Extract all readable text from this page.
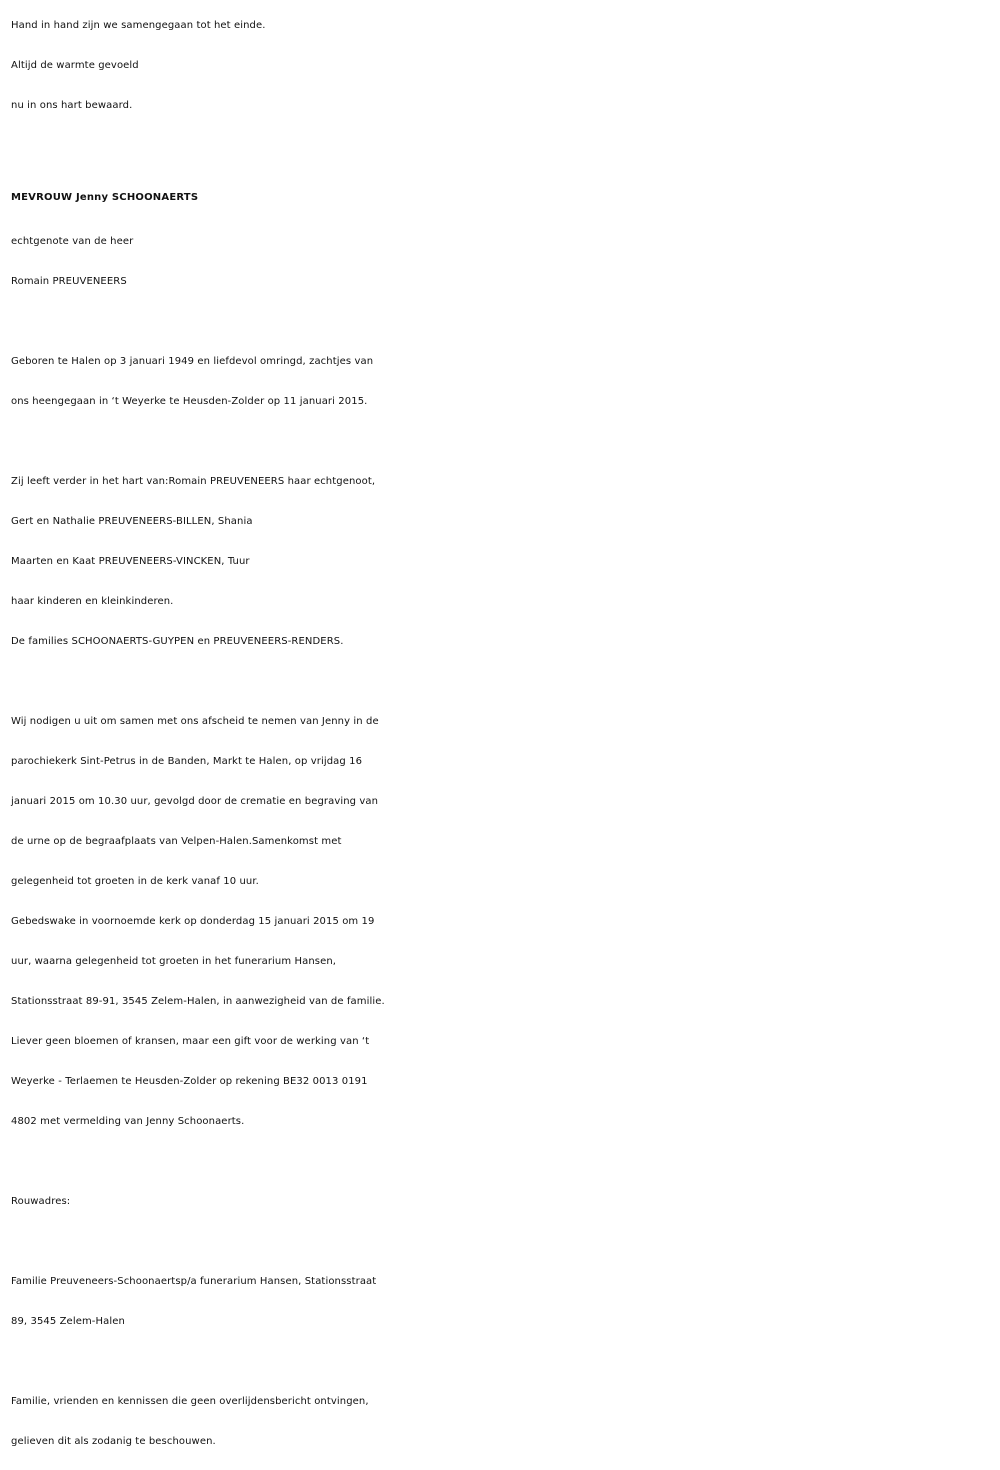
Hand in hand zijn we samengegaan tot het einde.
Altijd de warmte gevoeld
nu in ons hart bewaard.
MEVROUW Jenny SCHOONAERTS
echtgenote van de heer
Romain PREUVENEERS
Geboren te Halen op 3 januari 1949 en liefdevol omringd, zachtjes van
ons heengegaan in ‘t Weyerke te Heusden-Zolder op 11 januari 2015.
Zij leeft verder in het hart van:Romain PREUVENEERS haar echtgenoot,
Gert en Nathalie PREUVENEERS-BILLEN, Shania
Maarten en Kaat PREUVENEERS-VINCKEN, Tuur
haar kinderen en kleinkinderen.
De families SCHOONAERTS-GUYPEN en PREUVENEERS-RENDERS.
Wij nodigen u uit om samen met ons afscheid te nemen van Jenny in de
parochiekerk Sint-Petrus in de Banden, Markt te Halen, op vrijdag 16
januari 2015 om 10.30 uur, gevolgd door de crematie en begraving van
de urne op de begraafplaats van Velpen-Halen.Samenkomst met
gelegenheid tot groeten in de kerk vanaf 10 uur.
Gebedswake in voornoemde kerk op donderdag 15 januari 2015 om 19
uur, waarna gelegenheid tot groeten in het funerarium Hansen,
Stationsstraat 89-91, 3545 Zelem-Halen, in aanwezigheid van de familie.
Liever geen bloemen of kransen, maar een gift voor de werking van ‘t
Weyerke - Terlaemen te Heusden-Zolder op rekening BE32 0013 0191
4802 met vermelding van Jenny Schoonaerts.
Rouwadres:
Familie Preuveneers-Schoonaertsp/a funerarium Hansen, Stationsstraat
89, 3545 Zelem-Halen
Familie, vrienden en kennissen die geen overlijdensbericht ontvingen,
gelieven dit als zodanig te beschouwen.
